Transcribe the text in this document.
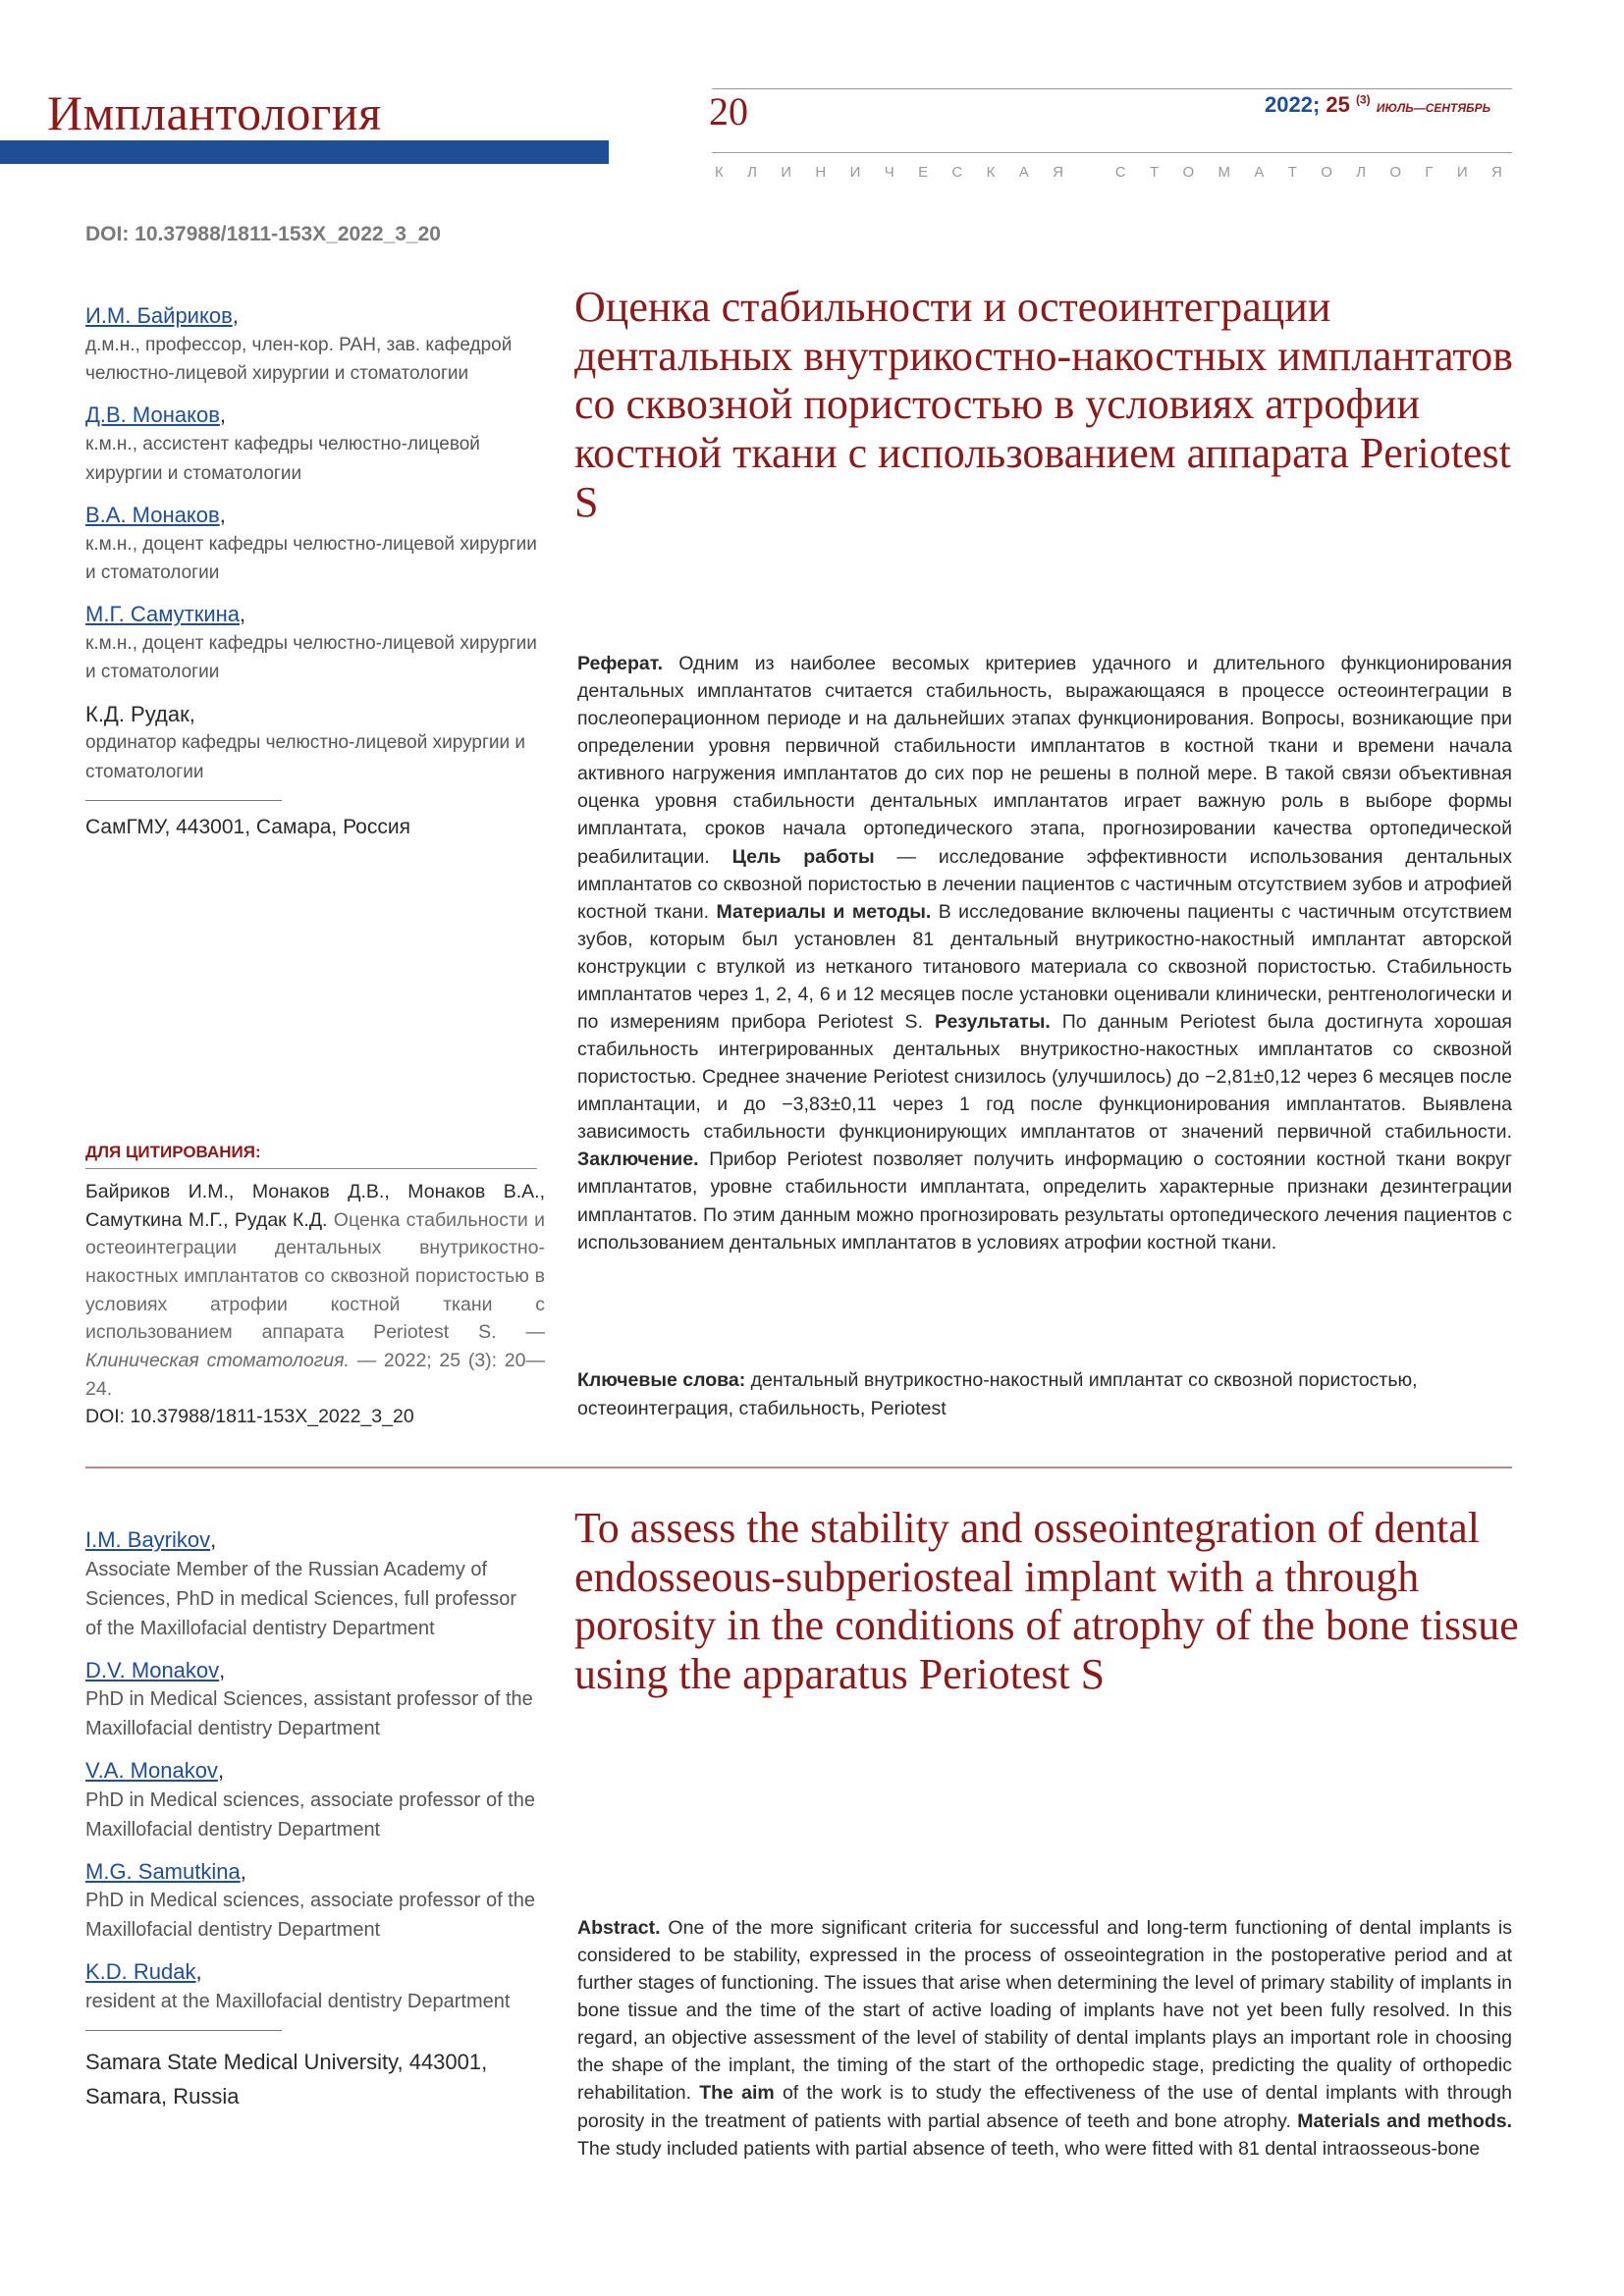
Имплантология	20	2022; 25 $^{(3)}$ ИЮЛЬ—СЕНТЯБРЬ
К Л И Н И Ч Е С К А Я
	С Т О М А Т О Л О Г И Я
DOI: 10.37988/1811-153X_2022_3_20
И.М. Байриков,
д.м.н., профессор, член-кор. РАН, зав. кафедрой челюстно-лицевой хирургии и стоматологии
Д.В. Монаков,
к.м.н., ассистент кафедры челюстно-лицевой хирургии и стоматологии
В.А. Монаков,
к.м.н., доцент кафедры челюстно-лицевой хирургии и стоматологии
М.Г. Самуткина,
к.м.н., доцент кафедры челюстно-лицевой хирургии и стоматологии
К.Д. Рудак,
ординатор кафедры челюстно-лицевой хирургии и стоматологии
СамГМУ, 443001, Самара, Россия
ДЛЯ ЦИТИРОВАНИЯ:
Байриков И.М., Монаков Д.В., Монаков В.А., Самуткина М.Г., Рудак К.Д. Оценка стабильности и остеоинтеграции дентальных внутрикостно-накостных имплантатов со сквозной пористостью в условиях атрофии костной ткани с использованием аппарата Periotest S. — Клиническая стоматология. — 2022; 25 (3): 20—24.
DOI: 10.37988/1811-153X_2022_3_20
Оценка стабильности и остеоинтеграции дентальных внутрикостно-накостных имплантатов со сквозной пористостью в условиях атрофии костной ткани с использованием аппарата Periotest S
Реферат. Одним из наиболее весомых критериев удачного и длительного функционирования дентальных имплантатов считается стабильность, выражающаяся в процессе остеоинтеграции в послеоперационном периоде и на дальнейших этапах функционирования. Вопросы, возникающие при определении уровня первичной стабильности имплантатов в костной ткани и времени начала активного нагружения имплантатов до сих пор не решены в полной мере. В такой связи объективная оценка уровня стабильности дентальных имплантатов играет важную роль в выборе формы имплантата, сроков начала ортопедического этапа, прогнозировании качества ортопедической реабилитации. Цель работы — исследование эффективности использования дентальных имплантатов со сквозной пористостью в лечении пациентов с частичным отсутствием зубов и атрофией костной ткани. Материалы и методы. В исследование включены пациенты с частичным отсутствием зубов, которым был установлен 81 дентальный внутрикостно-накостный имплантат авторской конструкции с втулкой из нетканого титанового материала со сквозной пористостью. Стабильность имплантатов через 1, 2, 4, 6 и 12 месяцев после установки оценивали клинически, рентгенологически и по измерениям прибора Periotest S. Результаты. По данным Periotest была достигнута хорошая стабильность интегрированных дентальных внутрикостно-накостных имплантатов со сквозной пористостью. Среднее значение Periotest снизилось (улучшилось) до −2,81±0,12 через 6 месяцев после имплантации, и до −3,83±0,11 через 1 год после функционирования имплантатов. Выявлена зависимость стабильности функционирующих имплантатов от значений первичной стабильности. Заключение. Прибор Periotest позволяет получить информацию о состоянии костной ткани вокруг имплантатов, уровне стабильности имплантата, определить характерные признаки дезинтеграции имплантатов. По этим данным можно прогнозировать результаты ортопедического лечения пациентов с использованием дентальных имплантатов в условиях атрофии костной ткани.
Ключевые слова: дентальный внутрикостно-накостный имплантат со сквозной пористостью, остеоинтеграция, стабильность, Periotest
I.M. Bayrikov,
Associate Member of the Russian Academy of Sciences, PhD in medical Sciences, full professor of the Maxillofacial dentistry Department
D.V. Monakov,
PhD in Medical Sciences, assistant professor of the Maxillofacial dentistry Department
V.A. Monakov,
PhD in Medical sciences, associate professor of the Maxillofacial dentistry Department
M.G. Samutkina,
PhD in Medical sciences, associate professor of the Maxillofacial dentistry Department
K.D. Rudak,
resident at the Maxillofacial dentistry Department
Samara State Medical University, 443001, Samara, Russia
To assess the stability and osseointegration of dental endosseous-subperiosteal implant with a through porosity in the conditions of atrophy of the bone tissue using the apparatus Periotest S
Abstract. One of the more significant criteria for successful and long-term functioning of dental implants is considered to be stability, expressed in the process of osseointegration in the postoperative period and at further stages of functioning. The issues that arise when determining the level of primary stability of implants in bone tissue and the time of the start of active loading of implants have not yet been fully resolved. In this regard, an objective assessment of the level of stability of dental implants plays an important role in choosing the shape of the implant, the timing of the start of the orthopedic stage, predicting the quality of orthopedic rehabilitation. The aim of the work is to study the effectiveness of the use of dental implants with through porosity in the treatment of patients with partial absence of teeth and bone atrophy. Materials and methods. The study included patients with partial absence of teeth, who were fitted with 81 dental intraosseous-bone
